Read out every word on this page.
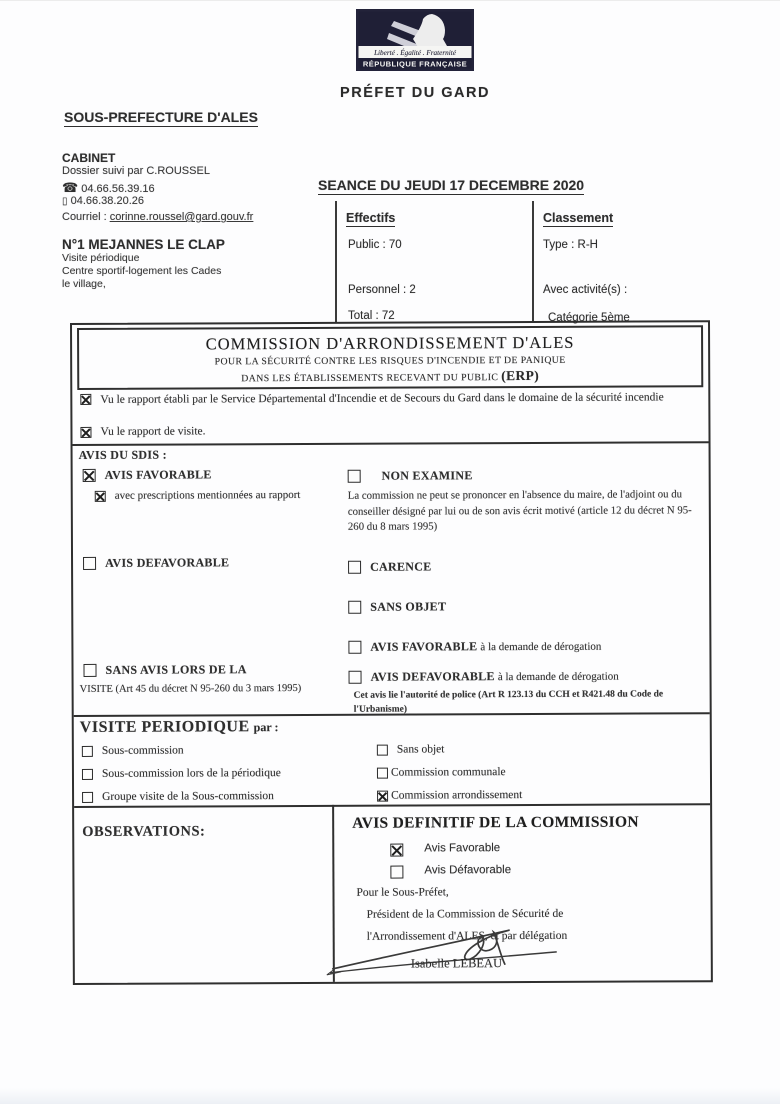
Liberté . Égalité . Fraternité
RÉPUBLIQUE FRANÇAISE
PRÉFET DU GARD
SOUS-PREFECTURE D'ALES
CABINET
Dossier suivi par C.ROUSSEL
☎ 04.66.56.39.16
▯ 04.66.38.20.26
Courriel : corinne.roussel@gard.gouv.fr
N°1 MEJANNES LE CLAP
Visite périodique
Centre sportif-logement les Cades
le village,
SEANCE DU JEUDI 17 DECEMBRE 2020
Effectifs
Public : 70
Personnel : 2
Total : 72
Classement
Type : R-H
Avec activité(s) :
Catégorie 5ème
COMMISSION D'ARRONDISSEMENT D'ALES
POUR LA SÉCURITÉ CONTRE LES RISQUES D'INCENDIE ET DE PANIQUE
DANS LES ÉTABLISSEMENTS RECEVANT DU PUBLIC (ERP)
Vu le rapport établi par le Service Départemental d'Incendie et de Secours du Gard dans le domaine de la sécurité incendie
Vu le rapport de visite.
AVIS DU SDIS :
AVIS FAVORABLE
avec prescriptions mentionnées au rapport
AVIS DEFAVORABLE
SANS AVIS LORS DE LA
VISITE (Art 45 du décret N 95-260 du 3 mars 1995)
NON EXAMINE
La commission ne peut se prononcer en l'absence du maire, de l'adjoint ou du conseiller désigné par lui ou de son avis écrit motivé (article 12 du décret N 95-260 du 8 mars 1995)
CARENCE
SANS OBJET
AVIS FAVORABLE à la demande de dérogation
AVIS DEFAVORABLE à la demande de dérogation
Cet avis lie l'autorité de police (Art R 123.13 du CCH et R421.48 du Code de l'Urbanisme)
VISITE PERIODIQUE par :
Sous-commission
Sous-commission lors de la périodique
Groupe visite de la Sous-commission
Sans objet
Commission communale
Commission arrondissement
OBSERVATIONS:	AVIS DEFINITIF DE LA COMMISSION
Avis Favorable
Avis Défavorable
Pour le Sous-Préfet,
Président de la Commission de Sécurité de
l'Arrondissement d'ALES, et par délégation
Isabelle LEBEAU
